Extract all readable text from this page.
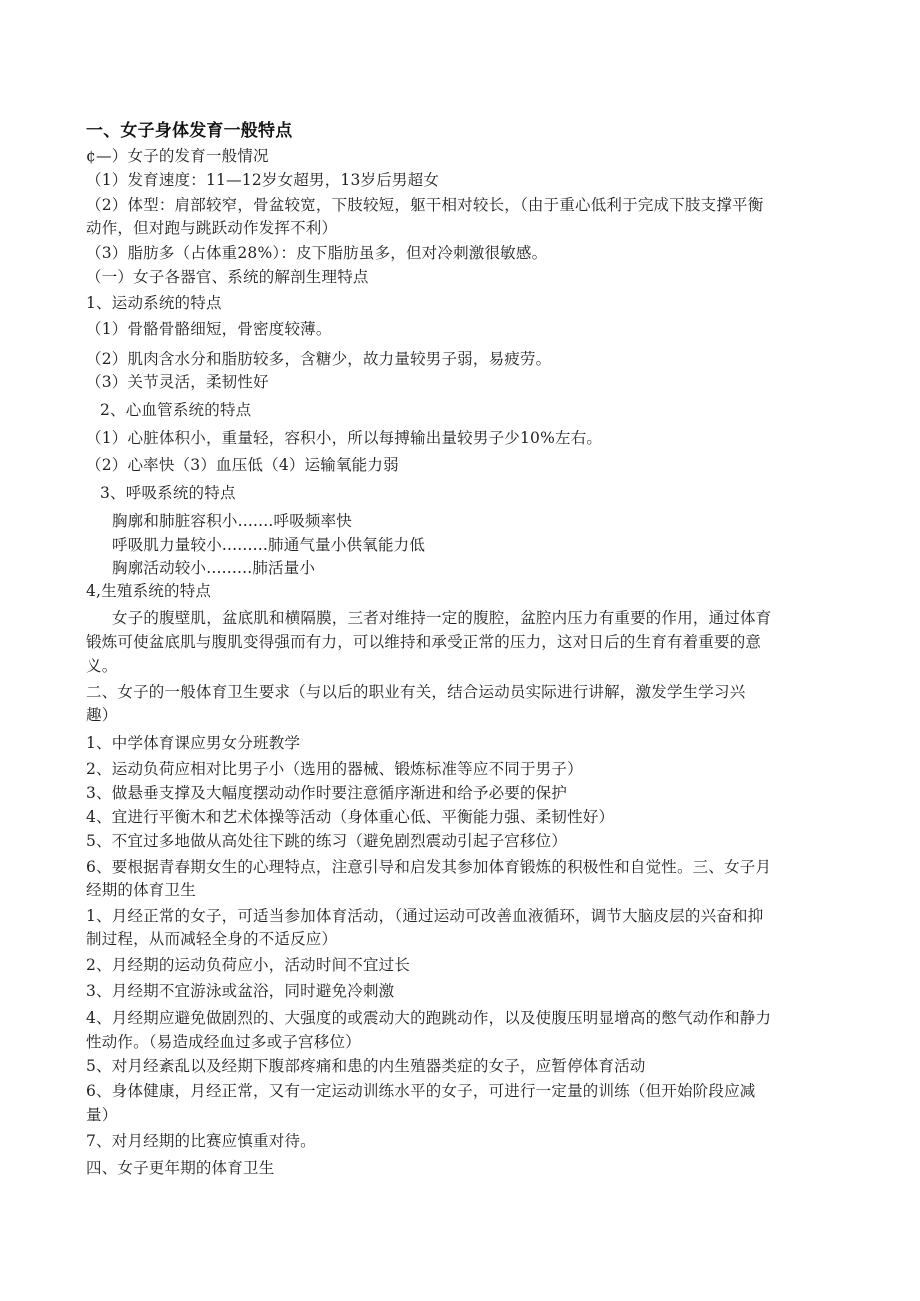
一、女子身体发育一般特点
¢—）女子的发育一般情况
（1）发育速度：11—12岁女超男，13岁后男超女
（2）体型：肩部较窄，骨盆较宽，下肢较短，躯干相对较长，（由于重心低利于完成下肢支撑平衡
动作，但对跑与跳跃动作发挥不利）
（3）脂肪多（占体重28%）：皮下脂肪虽多，但对冷刺激很敏感。
（一）女子各器官、系统的解剖生理特点
1、运动系统的特点
（1）骨骼骨骼细短，骨密度较薄。
（2）肌肉含水分和脂肪较多，含糖少，故力量较男子弱，易疲劳。
（3）关节灵活，柔韧性好
2、心血管系统的特点
（1）心脏体积小，重量轻，容积小，所以每搏输出量较男子少10%左右。
（2）心率快（3）血压低（4）运输氧能力弱
3、呼吸系统的特点
胸廓和肺脏容积小.......呼吸频率快
呼吸肌力量较小.........肺通气量小供氧能力低
胸廓活动较小.........肺活量小
4,生殖系统的特点
女子的腹壁肌，盆底肌和横隔膜，三者对维持一定的腹腔，盆腔内压力有重要的作用，通过体育
锻炼可使盆底肌与腹肌变得强而有力，可以维持和承受正常的压力，这对日后的生育有着重要的意
义。
二、女子的一般体育卫生要求（与以后的职业有关，结合运动员实际进行讲解，激发学生学习兴
趣）
1、中学体育课应男女分班教学
2、运动负荷应相对比男子小（选用的器械、锻炼标准等应不同于男子）
3、做悬垂支撑及大幅度摆动动作时要注意循序渐进和给予必要的保护
4、宜进行平衡木和艺术体操等活动（身体重心低、平衡能力强、柔韧性好）
5、不宜过多地做从高处往下跳的练习（避免剧烈震动引起子宫移位）
6、要根据青春期女生的心理特点，注意引导和启发其参加体育锻炼的积极性和自觉性。三、女子月
经期的体育卫生
1、月经正常的女子，可适当参加体育活动，（通过运动可改善血液循环，调节大脑皮层的兴奋和抑
制过程，从而减轻全身的不适反应）
2、月经期的运动负荷应小，活动时间不宜过长
3、月经期不宜游泳或盆浴，同时避免冷刺激
4、月经期应避免做剧烈的、大强度的或震动大的跑跳动作，以及使腹压明显增高的憋气动作和静力
性动作。（易造成经血过多或子宫移位）
5、对月经紊乱以及经期下腹部疼痛和患的内生殖器类症的女子，应暂停体育活动
6、身体健康，月经正常，又有一定运动训练水平的女子，可进行一定量的训练（但开始阶段应减
量）
7、对月经期的比赛应慎重对待。
四、女子更年期的体育卫生
